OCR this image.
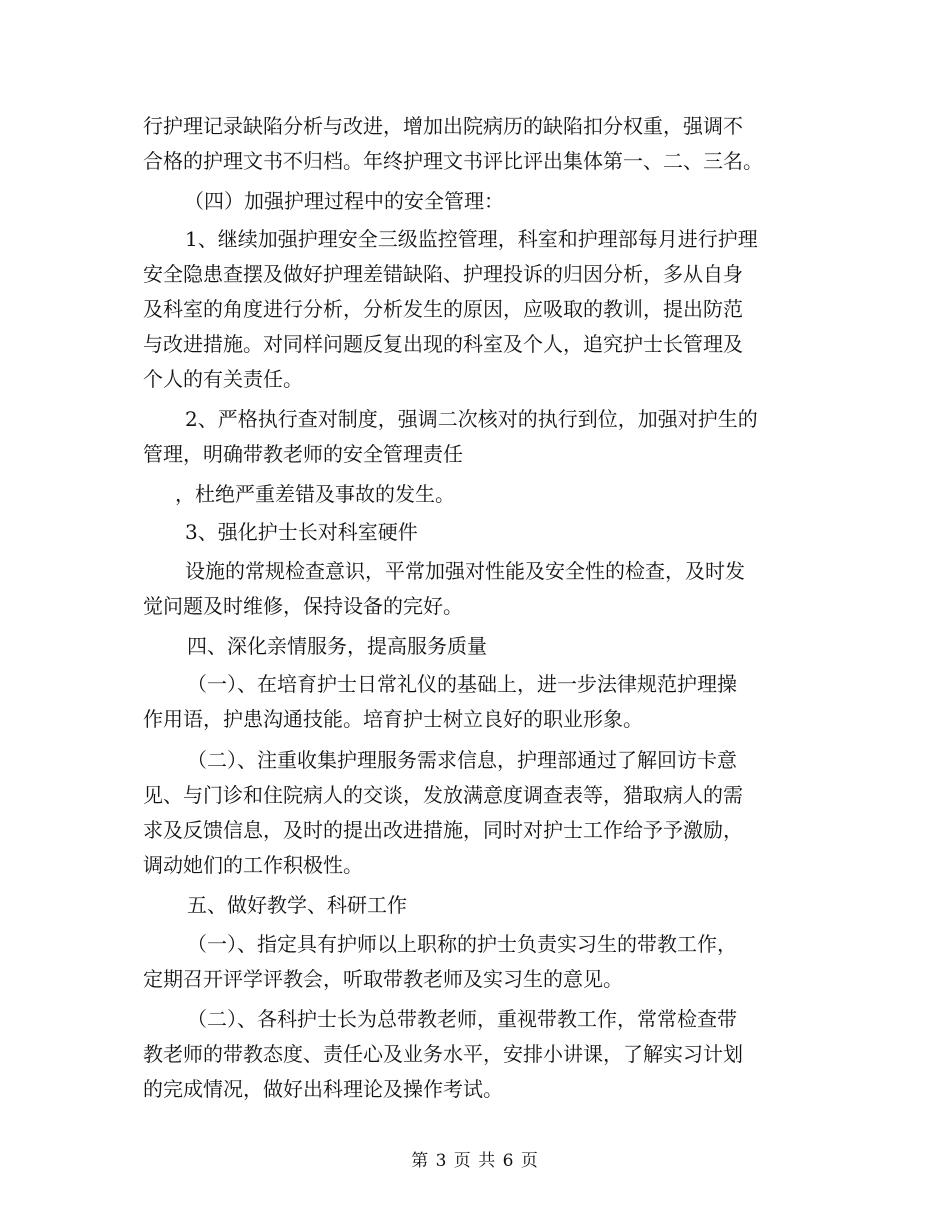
行护理记录缺陷分析与改进，增加出院病历的缺陷扣分权重，强调不
合格的护理文书不归档。年终护理文书评比评出集体第一、二、三名。
（四）加强护理过程中的安全管理：
1、继续加强护理安全三级监控管理，科室和护理部每月进行护理
安全隐患查摆及做好护理差错缺陷、护理投诉的归因分析，多从自身
及科室的角度进行分析，分析发生的原因，应吸取的教训，提出防范
与改进措施。对同样问题反复出现的科室及个人，追究护士长管理及
个人的有关责任。
2、严格执行查对制度，强调二次核对的执行到位，加强对护生的
管理，明确带教老师的安全管理责任
，杜绝严重差错及事故的发生。
3、强化护士长对科室硬件
设施的常规检查意识，平常加强对性能及安全性的检查，及时发
觉问题及时维修，保持设备的完好。
四、深化亲情服务，提高服务质量
（一）、在培育护士日常礼仪的基础上，进一步法律规范护理操
作用语，护患沟通技能。培育护士树立良好的职业形象。
（二）、注重收集护理服务需求信息，护理部通过了解回访卡意
见、与门诊和住院病人的交谈，发放满意度调查表等，猎取病人的需
求及反馈信息，及时的提出改进措施，同时对护士工作给予予激励，
调动她们的工作积极性。
五、做好教学、科研工作
（一）、指定具有护师以上职称的护士负责实习生的带教工作，
定期召开评学评教会，听取带教老师及实习生的意见。
（二）、各科护士长为总带教老师，重视带教工作，常常检查带
教老师的带教态度、责任心及业务水平，安排小讲课，了解实习计划
的完成情况，做好出科理论及操作考试。
第 3 页 共 6 页
